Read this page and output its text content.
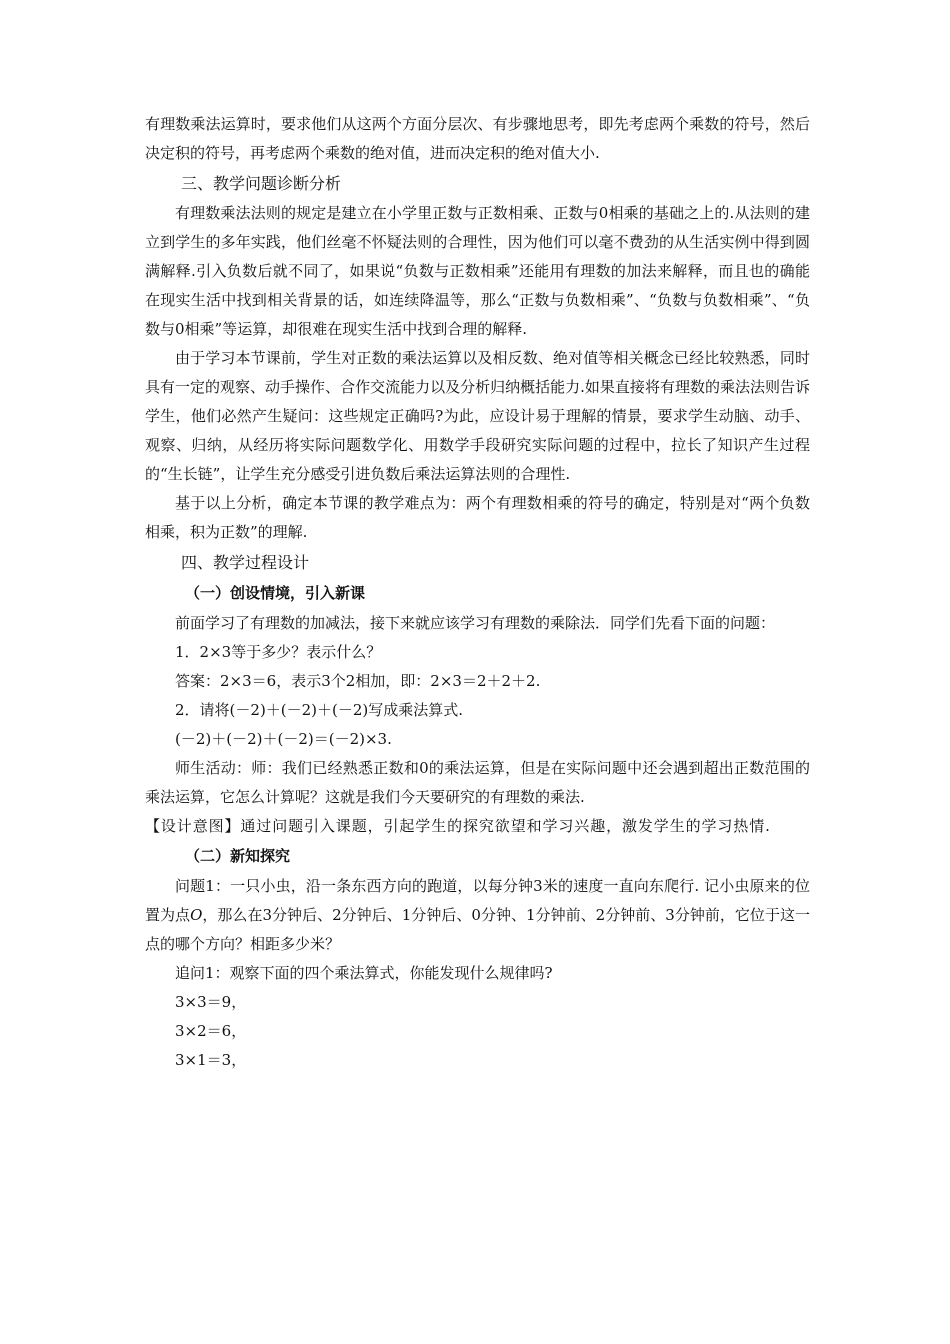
有理数乘法运算时，要求他们从这两个方面分层次、有步骤地思考，即先考虑两个乘数的符号，然后决定积的符号，再考虑两个乘数的绝对值，进而决定积的绝对值大小.

三、教学问题诊断分析

有理数乘法法则的规定是建立在小学里正数与正数相乘、正数与0相乘的基础之上的.从法则的建立到学生的多年实践，他们丝毫不怀疑法则的合理性，因为他们可以毫不费劲的从生活实例中得到圆满解释.引入负数后就不同了，如果说“负数与正数相乘”还能用有理数的加法来解释，而且也的确能在现实生活中找到相关背景的话，如连续降温等，那么“正数与负数相乘”、“负数与负数相乘”、“负数与0相乘”等运算，却很难在现实生活中找到合理的解释.

由于学习本节课前，学生对正数的乘法运算以及相反数、绝对值等相关概念已经比较熟悉，同时具有一定的观察、动手操作、合作交流能力以及分析归纳概括能力.如果直接将有理数的乘法法则告诉学生，他们必然产生疑问：这些规定正确吗?为此，应设计易于理解的情景，要求学生动脑、动手、观察、归纳，从经历将实际问题数学化、用数学手段研究实际问题的过程中，拉长了知识产生过程的“生长链”，让学生充分感受引进负数后乘法运算法则的合理性.

基于以上分析，确定本节课的教学难点为：两个有理数相乘的符号的确定，特别是对“两个负数相乘，积为正数”的理解.

四、教学过程设计

（一）创设情境，引入新课

前面学习了有理数的加减法，接下来就应该学习有理数的乘除法．同学们先看下面的问题：

1．2×3等于多少？表示什么？

答案：2×3＝6，表示3个2相加，即：2×3＝2＋2＋2.

2．请将(－2)＋(－2)＋(－2)写成乘法算式.

(－2)＋(－2)＋(－2)＝(－2)×3.

师生活动：师：我们已经熟悉正数和0的乘法运算，但是在实际问题中还会遇到超出正数范围的乘法运算，它怎么计算呢？这就是我们今天要研究的有理数的乘法.

【设计意图】通过问题引入课题，引起学生的探究欲望和学习兴趣，激发学生的学习热情.

（二）新知探究

问题1：一只小虫，沿一条东西方向的跑道，以每分钟3米的速度一直向东爬行. 记小虫原来的位置为点O，那么在3分钟后、2分钟后、1分钟后、0分钟、1分钟前、2分钟前、3分钟前，它位于这一点的哪个方向？相距多少米？

追问1：观察下面的四个乘法算式，你能发现什么规律吗?

3×3＝9，

3×2＝6，

3×1＝3，
